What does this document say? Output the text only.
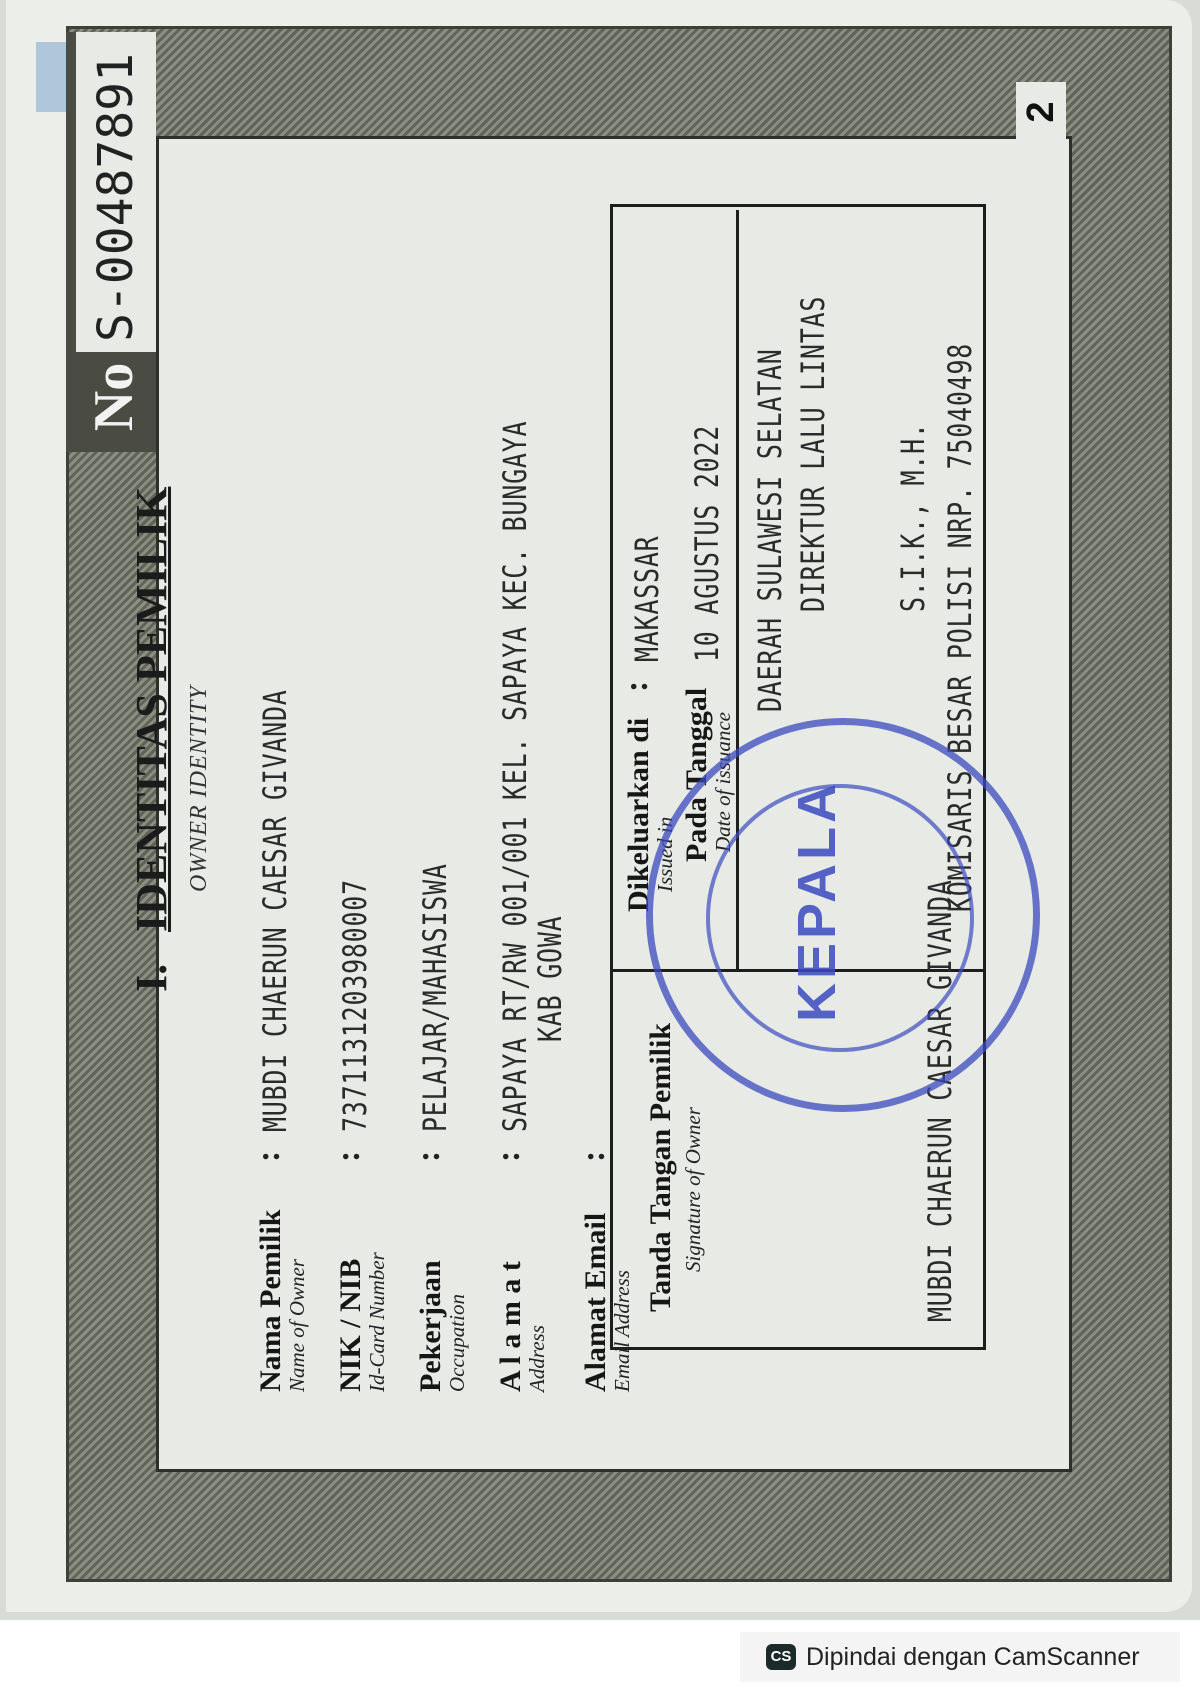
No
S-00487891
I.
IDENTITAS PEMILIK OWNER IDENTITY
Nama Pemilik
Name of Owner
:
MUBDI CHAERUN CAESAR GIVANDA
NIK / NIB
Id-Card Number
:
7371131203980007
Pekerjaan
Occupation
:
PELAJAR/MAHASISWA
A l a m a t
Address
:
SAPAYA RT/RW 001/001 KEL. SAPAYA KEC. BUNGAYA
KAB GOWA
Alamat Email
Email Address
: Tanda Tangan Pemilik Signature of Owner	MUBDI CHAERUN CAESAR GIVANDA
Dikeluarkan di
Issued in
:
MAKASSAR
Pada Tanggal
Date of issuance
10 AGUSTUS 2022 DAERAH SULAWESI SELATAN DIREKTUR LALU LINTAS S.I.K., M.H. KOMISARIS BESAR POLISI NRP. 75040498
KEPALA
2
CS Dipindai dengan CamScanner
